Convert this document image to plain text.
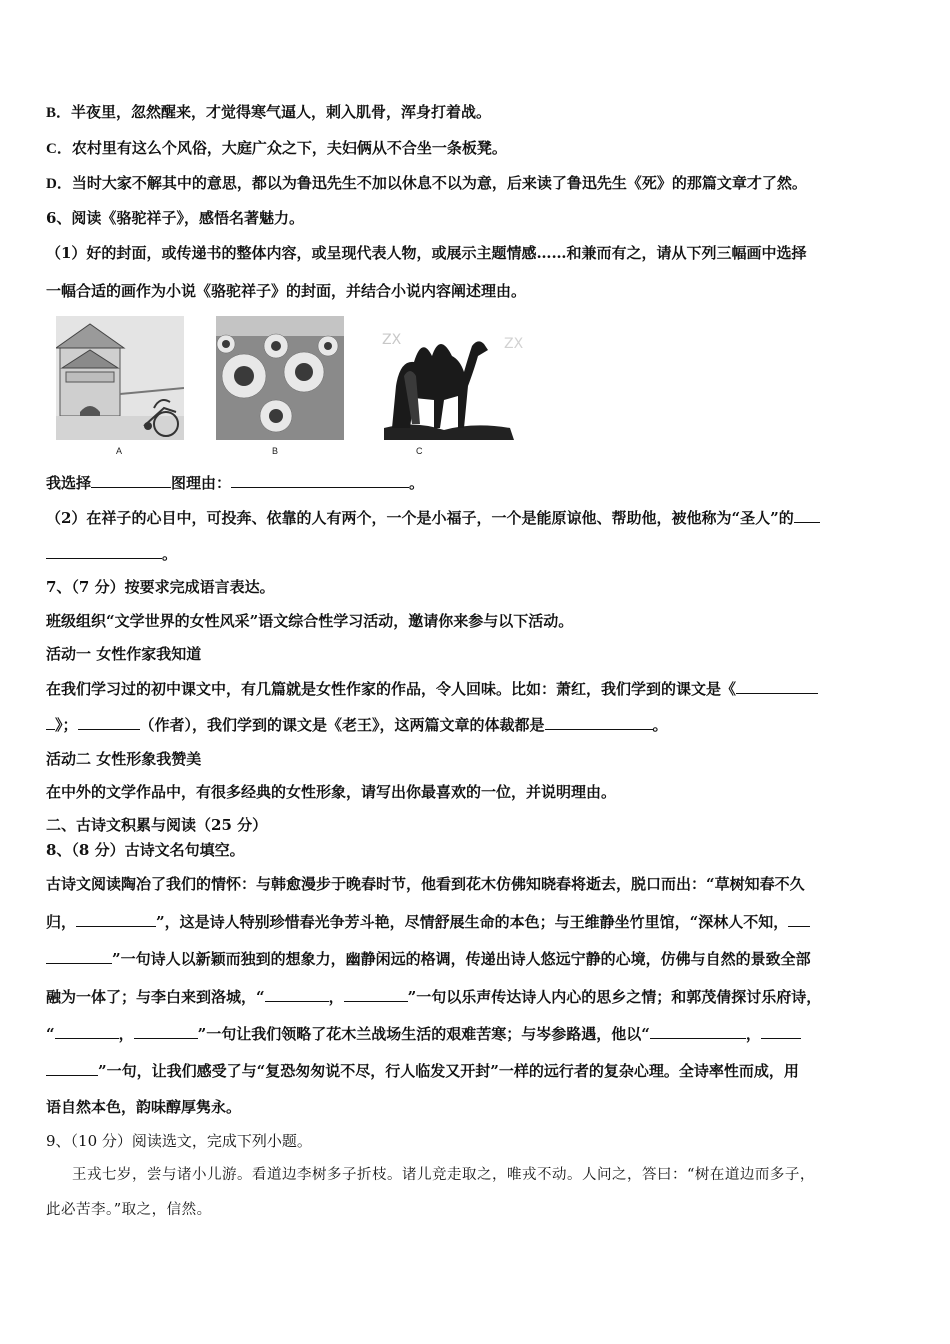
B．半夜里，忽然醒来，才觉得寒气逼人，刺入肌骨，浑身打着战。
C．农村里有这么个风俗，大庭广众之下，夫妇俩从不合坐一条板凳。
D．当时大家不解其中的意思，都以为鲁迅先生不加以休息不以为意，后来读了鲁迅先生《死》的那篇文章才了然。
6、阅读《骆驼祥子》，感悟名著魅力。
（1）好的封面，或传递书的整体内容，或呈现代表人物，或展示主题情感……和兼而有之，请从下列三幅画中选择
一幅合适的画作为小说《骆驼祥子》的封面，并结合小说内容阐述理由。
A	B
ZX	ZX
C
我选择	图理由：	。
（2）在祥子的心目中，可投奔、依靠的人有两个，一个是小福子，一个是能原谅他、帮助他，被他称为“圣人”的
。
7、（7 分）按要求完成语言表达。
班级组织“文学世界的女性风采”语文综合性学习活动，邀请你来参与以下活动。
活动一 女性作家我知道
在我们学习过的初中课文中，有几篇就是女性作家的作品，令人回味。比如：萧红，我们学到的课文是《
》；	（作者），我们学到的课文是《老王》，这两篇文章的体裁都是	。
活动二 女性形象我赞美
在中外的文学作品中，有很多经典的女性形象，请写出你最喜欢的一位，并说明理由。
二、古诗文积累与阅读（25 分）
8、（8 分）古诗文名句填空。
古诗文阅读陶冶了我们的情怀：与韩愈漫步于晚春时节，他看到花木仿佛知晓春将逝去，脱口而出：“草树知春不久
归，	”，这是诗人特别珍惜春光争芳斗艳，尽情舒展生命的本色；与王维静坐竹里馆，“深林人不知，
”一句诗人以新颖而独到的想象力，幽静闲远的格调，传递出诗人悠远宁静的心境，仿佛与自然的景致全部
融为一体了；与李白来到洛城，“	，	”一句以乐声传达诗人内心的思乡之情；和郭茂倩探讨乐府诗，
“	，	”一句让我们领略了花木兰战场生活的艰难苦寒；与岑参路遇，他以“	，
”一句，让我们感受了与“复恐匆匆说不尽，行人临发又开封”一样的远行者的复杂心理。全诗率性而成，用
语自然本色，韵味醇厚隽永。
9、（10 分）阅读选文，完成下列小题。
王戎七岁，尝与诸小儿游。看道边李树多子折枝。诸儿竞走取之，唯戎不动。人问之，答曰：“树在道边而多子，
此必苦李。”取之，信然。
